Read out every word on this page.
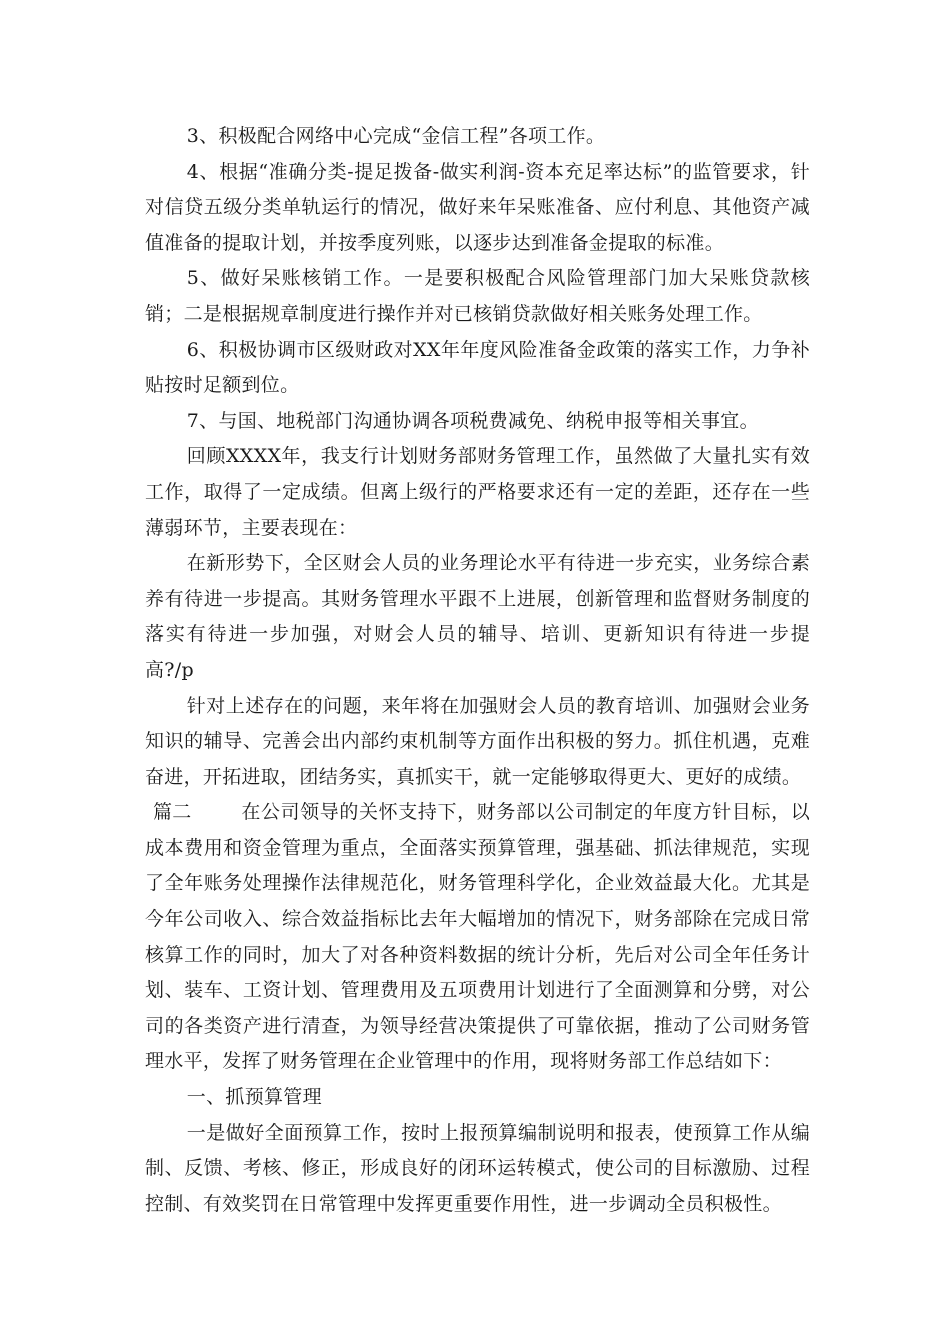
3、积极配合网络中心完成“金信工程”各项工作。

4、根据“准确分类-提足拨备-做实利润-资本充足率达标”的监管要求，针对信贷五级分类单轨运行的情况，做好来年呆账准备、应付利息、其他资产减值准备的提取计划，并按季度列账，以逐步达到准备金提取的标准。

5、做好呆账核销工作。一是要积极配合风险管理部门加大呆账贷款核销；二是根据规章制度进行操作并对已核销贷款做好相关账务处理工作。

6、积极协调市区级财政对XX年年度风险准备金政策的落实工作，力争补贴按时足额到位。

7、与国、地税部门沟通协调各项税费减免、纳税申报等相关事宜。

回顾XXXX年，我支行计划财务部财务管理工作，虽然做了大量扎实有效工作，取得了一定成绩。但离上级行的严格要求还有一定的差距，还存在一些薄弱环节，主要表现在：

在新形势下，全区财会人员的业务理论水平有待进一步充实，业务综合素养有待进一步提高。其财务管理水平跟不上进展，创新管理和监督财务制度的落实有待进一步加强，对财会人员的辅导、培训、更新知识有待进一步提高?/p

针对上述存在的问题，来年将在加强财会人员的教育培训、加强财会业务知识的辅导、完善会出内部约束机制等方面作出积极的努力。抓住机遇，克难奋进，开拓进取，团结务实，真抓实干，就一定能够取得更大、更好的成绩。

篇二	在公司领导的关怀支持下，财务部以公司制定的年度方针目标，以成本费用和资金管理为重点，全面落实预算管理，强基础、抓法律规范，实现了全年账务处理操作法律规范化，财务管理科学化，企业效益最大化。尤其是今年公司收入、综合效益指标比去年大幅增加的情况下，财务部除在完成日常核算工作的同时，加大了对各种资料数据的统计分析，先后对公司全年任务计划、装车、工资计划、管理费用及五项费用计划进行了全面测算和分劈，对公司的各类资产进行清查，为领导经营决策提供了可靠依据，推动了公司财务管理水平，发挥了财务管理在企业管理中的作用，现将财务部工作总结如下：

一、抓预算管理

一是做好全面预算工作，按时上报预算编制说明和报表，使预算工作从编制、反馈、考核、修正，形成良好的闭环运转模式，使公司的目标激励、过程控制、有效奖罚在日常管理中发挥更重要作用性，进一步调动全员积极性。
